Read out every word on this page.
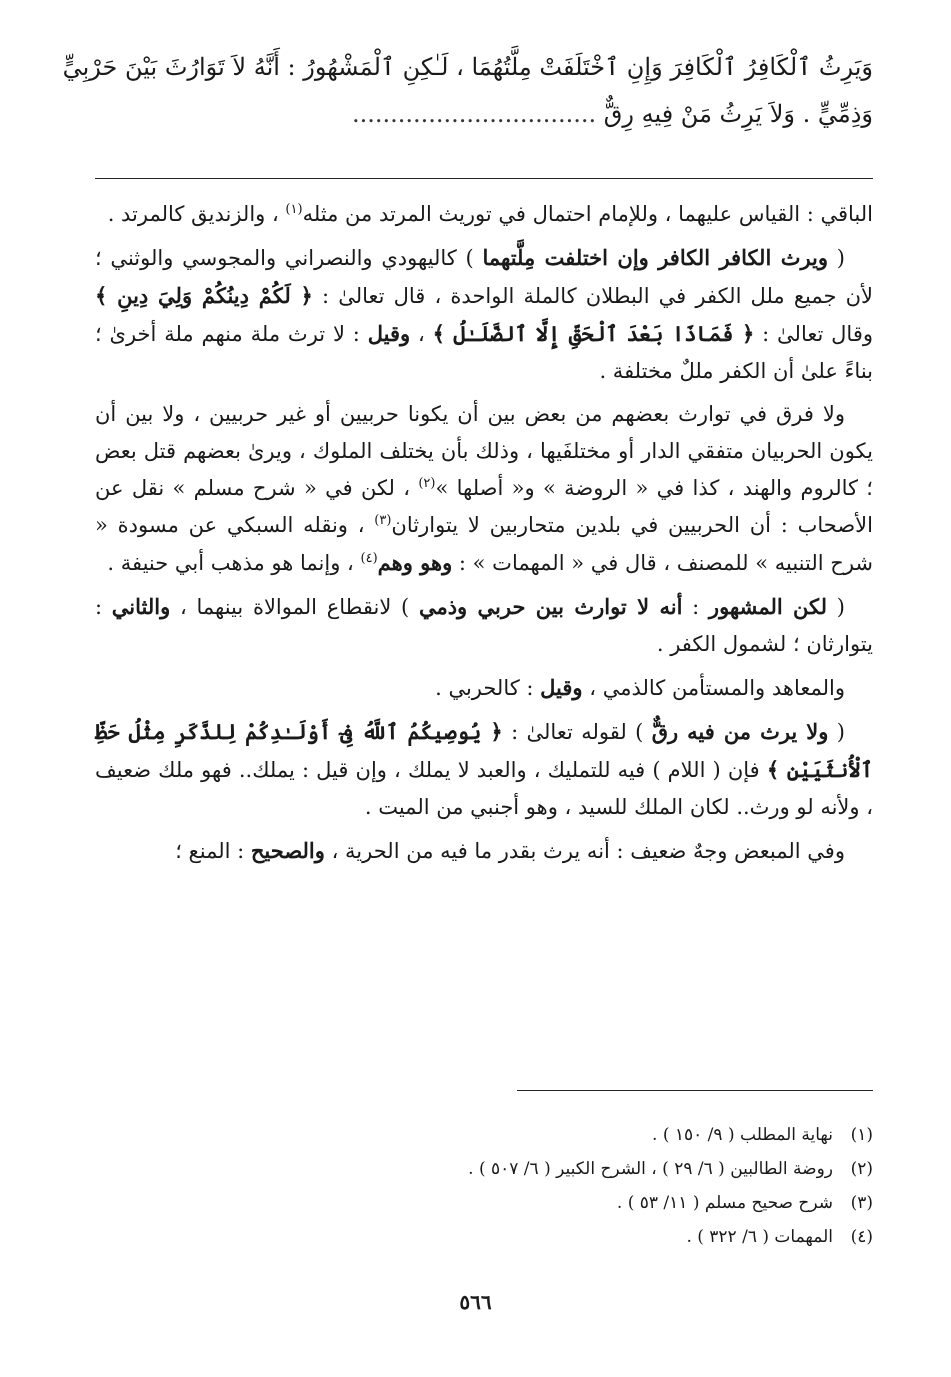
وَيَرِثُ ٱلْكَافِرُ ٱلْكَافِرَ وَإِنِ ٱخْتَلَفَتْ مِلَّتُهُمَا ، لَـٰكِنِ ٱلْمَشْهُورُ : أَنَّهُ لاَ تَوَارُثَ بَيْنَ حَرْبِيٍّ
وَذِمِّيٍّ . وَلاَ يَرِثُ مَنْ فِيهِ رِقٌّ ................................

الباقي : القياس عليهما ، وللإمام احتمال في توريث المرتد من مثله$^{(١)}$ ، والزنديق كالمرتد .

( ويرث الكافر الكافر وإن اختلفت مِلَّتهما ) كاليهودي والنصراني والمجوسي والوثني ؛ لأن جميع ملل الكفر في البطلان كالملة الواحدة ، قال تعالىٰ : ﴿ لَكُمْ دِينُكُمْ وَلِيَ دِينِ ﴾ وقال تعالىٰ : ﴿ فَمَاذَا بَعْدَ ٱلْحَقِّ إِلَّا ٱلضَّلَـٰلُ ﴾ ، وقيل : لا ترث ملة منهم ملة أخرىٰ ؛ بناءً علىٰ أن الكفر مللٌ مختلفة .

ولا فرق في توارث بعضهم من بعض بين أن يكونا حربيين أو غير حربيين ، ولا بين أن يكون الحربيان متفقي الدار أو مختلفَيها ، وذلك بأن يختلف الملوك ، ويرىٰ بعضهم قتل بعض ؛ كالروم والهند ، كذا في « الروضة » و« أصلها »$^{(٢)}$ ، لكن في « شرح مسلم » نقل عن الأصحاب : أن الحربيين في بلدين متحاربين لا يتوارثان$^{(٣)}$ ، ونقله السبكي عن مسودة « شرح التنبيه » للمصنف ، قال في « المهمات » : وهو وهم$^{(٤)}$ ، وإنما هو مذهب أبي حنيفة .

( لكن المشهور : أنه لا توارث بين حربي وذمي ) لانقطاع الموالاة بينهما ، والثاني : يتوارثان ؛ لشمول الكفر .

والمعاهد والمستأمن كالذمي ، وقيل : كالحربي .

( ولا يرث من فيه رقٌّ ) لقوله تعالىٰ : ﴿ يُوصِيكُمُ ٱللَّهُ فِىٓ أَوْلَـٰدِكُمْ لِلذَّكَرِ مِثْلُ حَظِّ ٱلْأُنثَيَيْنِ ﴾ فإن ( اللام ) فيه للتمليك ، والعبد لا يملك ، وإن قيل : يملك.. فهو ملك ضعيف ، ولأنه لو ورث.. لكان الملك للسيد ، وهو أجنبي من الميت .

وفي المبعض وجهٌ ضعيف : أنه يرث بقدر ما فيه من الحرية ، والصحيح : المنع ؛

(١)نهاية المطلب ( ٩/ ١٥٠ ) .
(٢)روضة الطالبين ( ٦/ ٢٩ ) ، الشرح الكبير ( ٦/ ٥٠٧ ) .
(٣)شرح صحيح مسلم ( ١١/ ٥٣ ) .
(٤)المهمات ( ٦/ ٣٢٢ ) .
٥٦٦
